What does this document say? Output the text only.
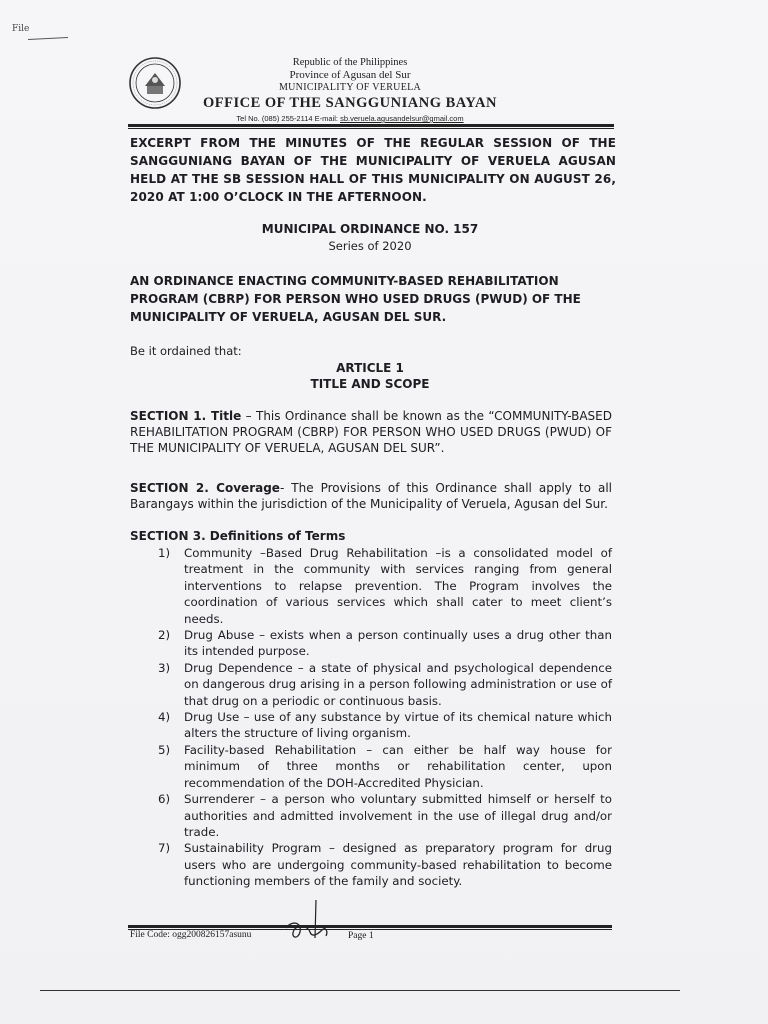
File
Republic of the Philippines
Province of Agusan del Sur
MUNICIPALITY OF VERUELA
OFFICE OF THE SANGGUNIANG BAYAN
Tel No. (085) 255-2114 E-mail: sb.veruela.agusandelsur@gmail.com
EXCERPT FROM THE MINUTES OF THE REGULAR SESSION OF THE SANGGUNIANG BAYAN OF THE MUNICIPALITY OF VERUELA AGUSAN HELD AT THE SB SESSION HALL OF THIS MUNICIPALITY ON AUGUST 26, 2020 AT 1:00 O’CLOCK IN THE AFTERNOON.
MUNICIPAL ORDINANCE NO. 157
Series of 2020
AN ORDINANCE ENACTING COMMUNITY-BASED REHABILITATION PROGRAM (CBRP) FOR PERSON WHO USED DRUGS (PWUD) OF THE MUNICIPALITY OF VERUELA, AGUSAN DEL SUR.
Be it ordained that:
ARTICLE 1
TITLE AND SCOPE
SECTION 1. Title – This Ordinance shall be known as the “COMMUNITY-BASED REHABILITATION PROGRAM (CBRP) FOR PERSON WHO USED DRUGS (PWUD) OF THE MUNICIPALITY OF VERUELA, AGUSAN DEL SUR”.
SECTION 2. Coverage- The Provisions of this Ordinance shall apply to all Barangays within the jurisdiction of the Municipality of Veruela, Agusan del Sur.
SECTION 3. Definitions of Terms
1) Community –Based Drug Rehabilitation –is a consolidated model of treatment in the community with services ranging from general interventions to relapse prevention. The Program involves the coordination of various services which shall cater to meet client’s needs.
2) Drug Abuse – exists when a person continually uses a drug other than its intended purpose.
3) Drug Dependence – a state of physical and psychological dependence on dangerous drug arising in a person following administration or use of that drug on a periodic or continuous basis.
4) Drug Use – use of any substance by virtue of its chemical nature which alters the structure of living organism.
5) Facility-based Rehabilitation – can either be half way house for minimum of three months or rehabilitation center, upon recommendation of the DOH-Accredited Physician.
6) Surrenderer – a person who voluntary submitted himself or herself to authorities and admitted involvement in the use of illegal drug and/or trade.
7) Sustainability Program – designed as preparatory program for drug users who are undergoing community-based rehabilitation to become functioning members of the family and society.
File Code: ogg200826157asunu	Page 1
